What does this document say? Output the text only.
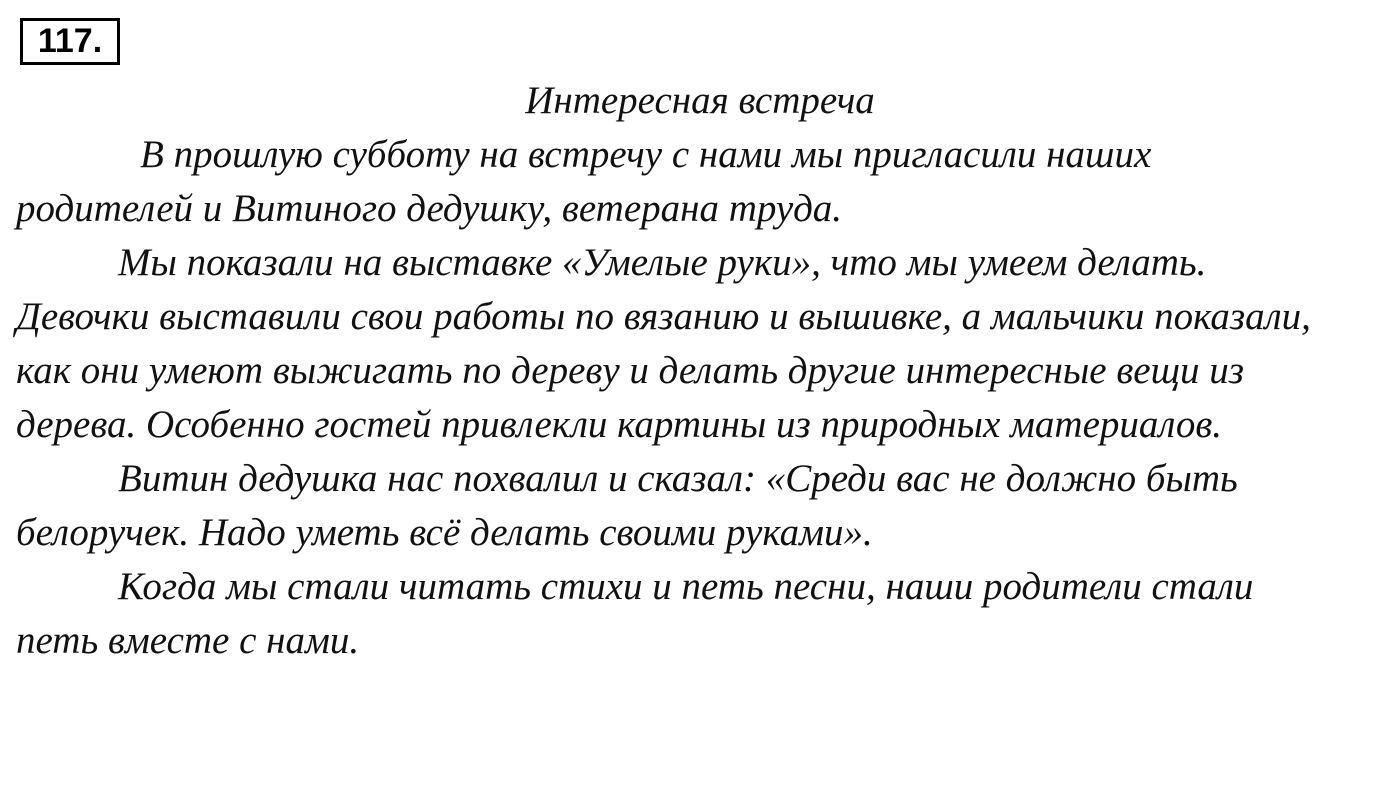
117.
Интересная встреча
В прошлую субботу на встречу с нами мы пригласили наших
родителей и Витиного дедушку, ветерана труда.
Мы показали на выставке «Умелые руки», что мы умеем делать.
Девочки выставили свои работы по вязанию и вышивке, а мальчики показали,
как они умеют выжигать по дереву и делать другие интересные вещи из
дерева. Особенно гостей привлекли картины из природных материалов.
Витин дедушка нас похвалил и сказал: «Среди вас не должно быть
белоручек. Надо уметь всё делать своими руками».
Когда мы стали читать стихи и петь песни, наши родители стали
петь вместе с нами.
